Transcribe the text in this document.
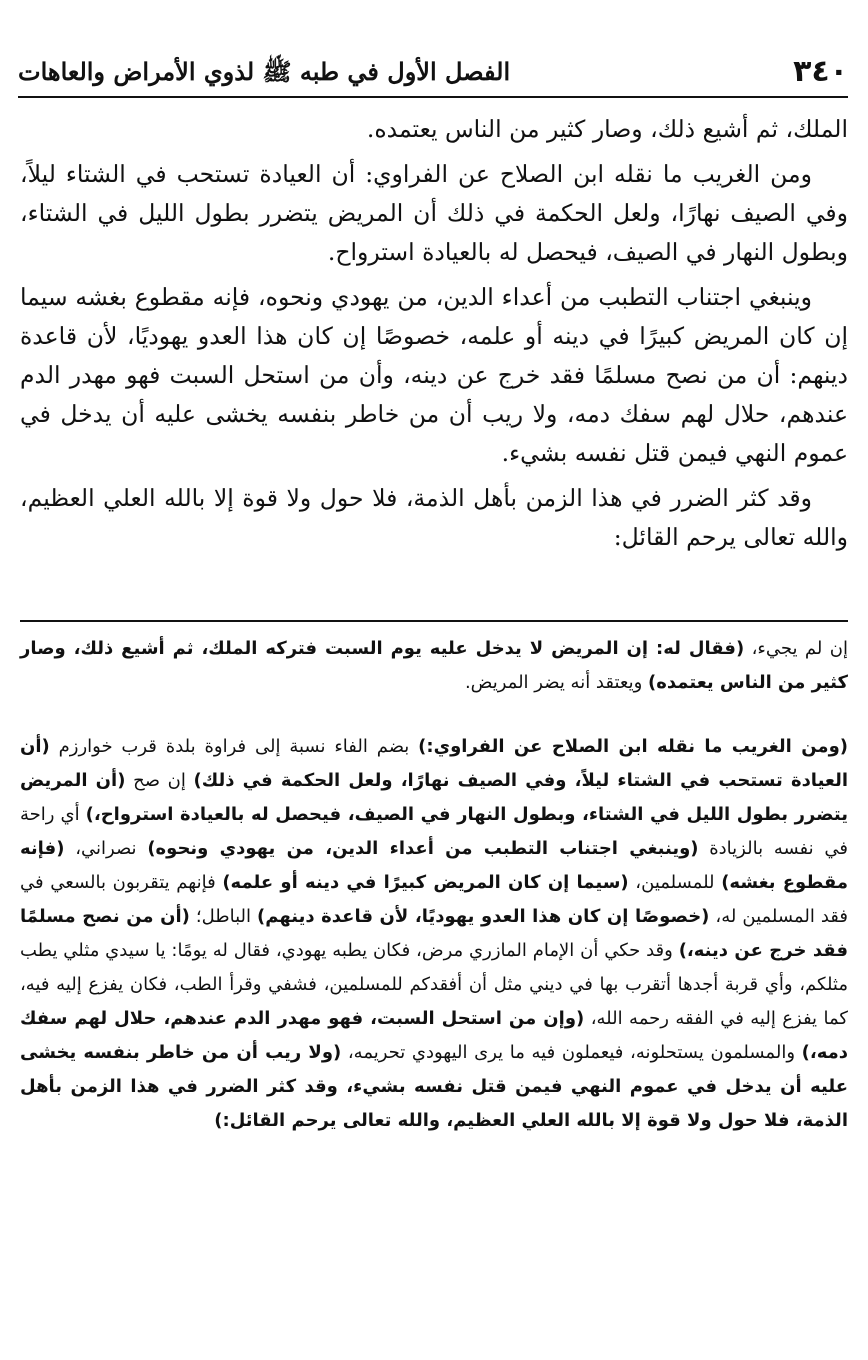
٣٤٠
الفصل الأول في طبه ﷺ لذوي الأمراض والعاهات

الملك، ثم أشيع ذلك، وصار كثير من الناس يعتمده.

ومن الغريب ما نقله ابن الصلاح عن الفراوي: أن العيادة تستحب في الشتاء ليلاً، وفي الصيف نهارًا، ولعل الحكمة في ذلك أن المريض يتضرر بطول الليل في الشتاء، وبطول النهار في الصيف، فيحصل له بالعيادة استرواح.

وينبغي اجتناب التطبب من أعداء الدين، من يهودي ونحوه، فإنه مقطوع بغشه سيما إن كان المريض كبيرًا في دينه أو علمه، خصوصًا إن كان هذا العدو يهوديًا، لأن قاعدة دينهم: أن من نصح مسلمًا فقد خرج عن دينه، وأن من استحل السبت فهو مهدر الدم عندهم، حلال لهم سفك دمه، ولا ريب أن من خاطر بنفسه يخشى عليه أن يدخل في عموم النهي فيمن قتل نفسه بشيء.

وقد كثر الضرر في هذا الزمن بأهل الذمة، فلا حول ولا قوة إلا بالله العلي العظيم، والله تعالى يرحم القائل:

إن لم يجيء، (فقال له: إن المريض لا يدخل عليه يوم السبت فتركه الملك، ثم أشيع ذلك، وصار كثير من الناس يعتمده) ويعتقد أنه يضر المريض.

(ومن الغريب ما نقله ابن الصلاح عن الفراوي:) بضم الفاء نسبة إلى فراوة بلدة قرب خوارزم (أن العيادة تستحب في الشتاء ليلاً، وفي الصيف نهارًا، ولعل الحكمة في ذلك) إن صح (أن المريض يتضرر بطول الليل في الشتاء، وبطول النهار في الصيف، فيحصل له بالعيادة استرواح،) أي راحة في نفسه بالزيادة (وينبغي اجتناب التطبب من أعداء الدين، من يهودي ونحوه) نصراني، (فإنه مقطوع بغشه) للمسلمين، (سيما إن كان المريض كبيرًا في دينه أو علمه) فإنهم يتقربون بالسعي في فقد المسلمين له، (خصوصًا إن كان هذا العدو يهوديًا، لأن قاعدة دينهم) الباطل؛ (أن من نصح مسلمًا فقد خرج عن دينه،) وقد حكي أن الإمام المازري مرض، فكان يطبه يهودي، فقال له يومًا: يا سيدي مثلي يطب مثلكم، وأي قربة أجدها أتقرب بها في ديني مثل أن أفقدكم للمسلمين، فشفي وقرأ الطب، فكان يفزع إليه فيه، كما يفزع إليه في الفقه رحمه الله، (وإن من استحل السبت، فهو مهدر الدم عندهم، حلال لهم سفك دمه،) والمسلمون يستحلونه، فيعملون فيه ما يرى اليهودي تحريمه، (ولا ريب أن من خاطر بنفسه يخشى عليه أن يدخل في عموم النهي فيمن قتل نفسه بشيء، وقد كثر الضرر في هذا الزمن بأهل الذمة، فلا حول ولا قوة إلا بالله العلي العظيم، والله تعالى يرحم القائل:)
